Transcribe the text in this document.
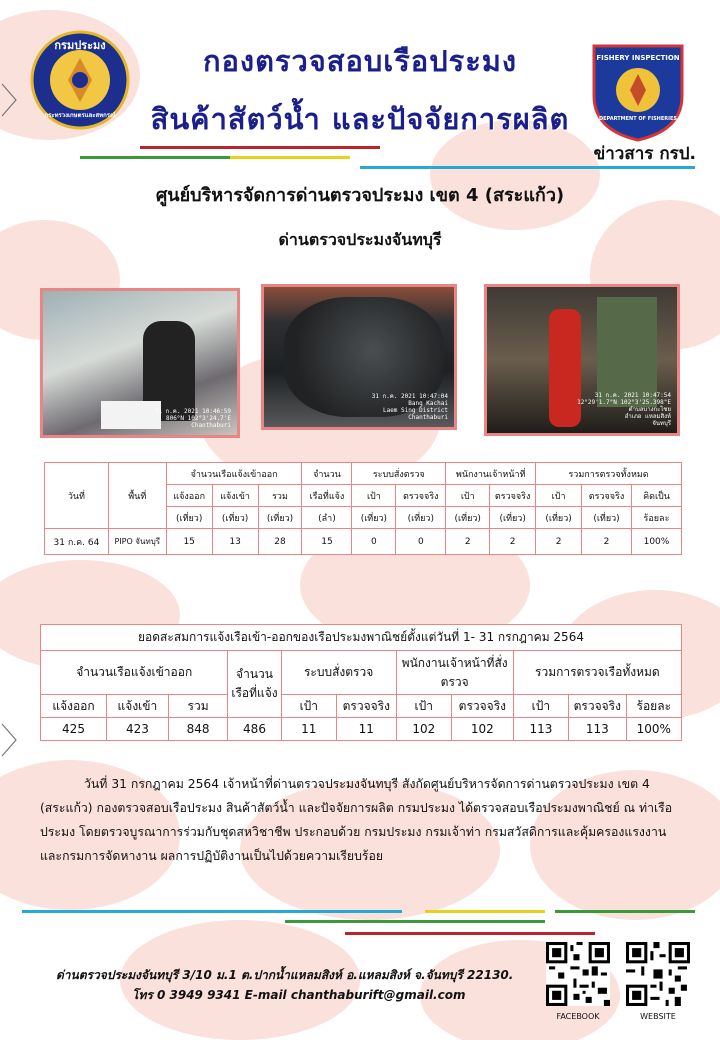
กรมประมง
กระทรวงเกษตรและสหกรณ์
FISHERY INSPECTION
DEPARTMENT OF FISHERIES
กองตรวจสอบเรือประมง
สินค้าสัตว์น้ำ และปัจจัยการผลิต
ข่าวสาร กรป.
ศูนย์บริหารจัดการด่านตรวจประมง เขต 4 (สระแก้ว)
ด่านตรวจประมงจันทบุรี
31 ก.ค. 2021 10:46:59
806°N 102°3'24.7'E
Chanthaburi
31 ก.ค. 2021 10:47:04
Bang Kachai
Laem Sing District
Chanthaburi
31 ก.ค. 2021 10:47:54
12°29'1.7"N 102°3'25.398"E
ตำบลบางกะไชย
อำเภอ แหลมสิงห์
จันทบุรี
วันที่	พื้นที่	จำนวนเรือแจ้งเข้าออก			จำนวน	ระบบสั่งตรวจ		พนักงานเจ้าหน้าที่		รวมการตรวจทั้งหมด		
		แจ้งออก	แจ้งเข้า	รวม	เรือที่แจ้ง	เป้า	ตรวจจริง	เป้า	ตรวจจริง	เป้า	ตรวจจริง	คิดเป็น
		(เที่ยว)	(เที่ยว)	(เที่ยว)	(ลำ)	(เที่ยว)	(เที่ยว)	(เที่ยว)	(เที่ยว)	(เที่ยว)	(เที่ยว)	ร้อยละ
31 ก.ค. 64	PIPO จันทบุรี	15	13	28	15	0	0	2	2	2	2	100%
ยอดสะสมการแจ้งเรือเข้า-ออกของเรือประมงพาณิชย์ตั้งแต่วันที่ 1- 31 กรกฎาคม 2564										
จำนวนเรือแจ้งเข้าออก			จำนวน
เรือที่แจ้ง	ระบบสั่งตรวจ		พนักงานเจ้าหน้าที่สั่ง
ตรวจ		รวมการตรวจเรือทั้งหมด		
แจ้งออก	แจ้งเข้า	รวม		เป้า	ตรวจจริง	เป้า	ตรวจจริง	เป้า	ตรวจจริง	ร้อยละ
425	423	848	486	11	11	102	102	113	113	100%

วันที่ 31 กรกฎาคม 2564 เจ้าหน้าที่ด่านตรวจประมงจันทบุรี สังกัดศูนย์บริหารจัดการด่านตรวจประมง เขต 4 (สระแก้ว) กองตรวจสอบเรือประมง สินค้าสัตว์น้ำ และปัจจัยการผลิต กรมประมง ได้ตรวจสอบเรือประมงพาณิชย์ ณ ท่าเรือประมง โดยตรวจบูรณาการร่วมกับชุดสหวิชาชีพ ประกอบด้วย กรมประมง กรมเจ้าท่า กรมสวัสดิการและคุ้มครองแรงงานและกรมการจัดหางาน ผลการปฏิบัติงานเป็นไปด้วยความเรียบร้อย

ด่านตรวจประมงจันทบุรี 3/10 ม.1 ต.ปากน้ำแหลมสิงห์ อ.แหลมสิงห์ จ.จันทบุรี 22130.
โทร 0 3949 9341 E-mail chanthaburift@gmail.com
FACEBOOK	WEBSITE
